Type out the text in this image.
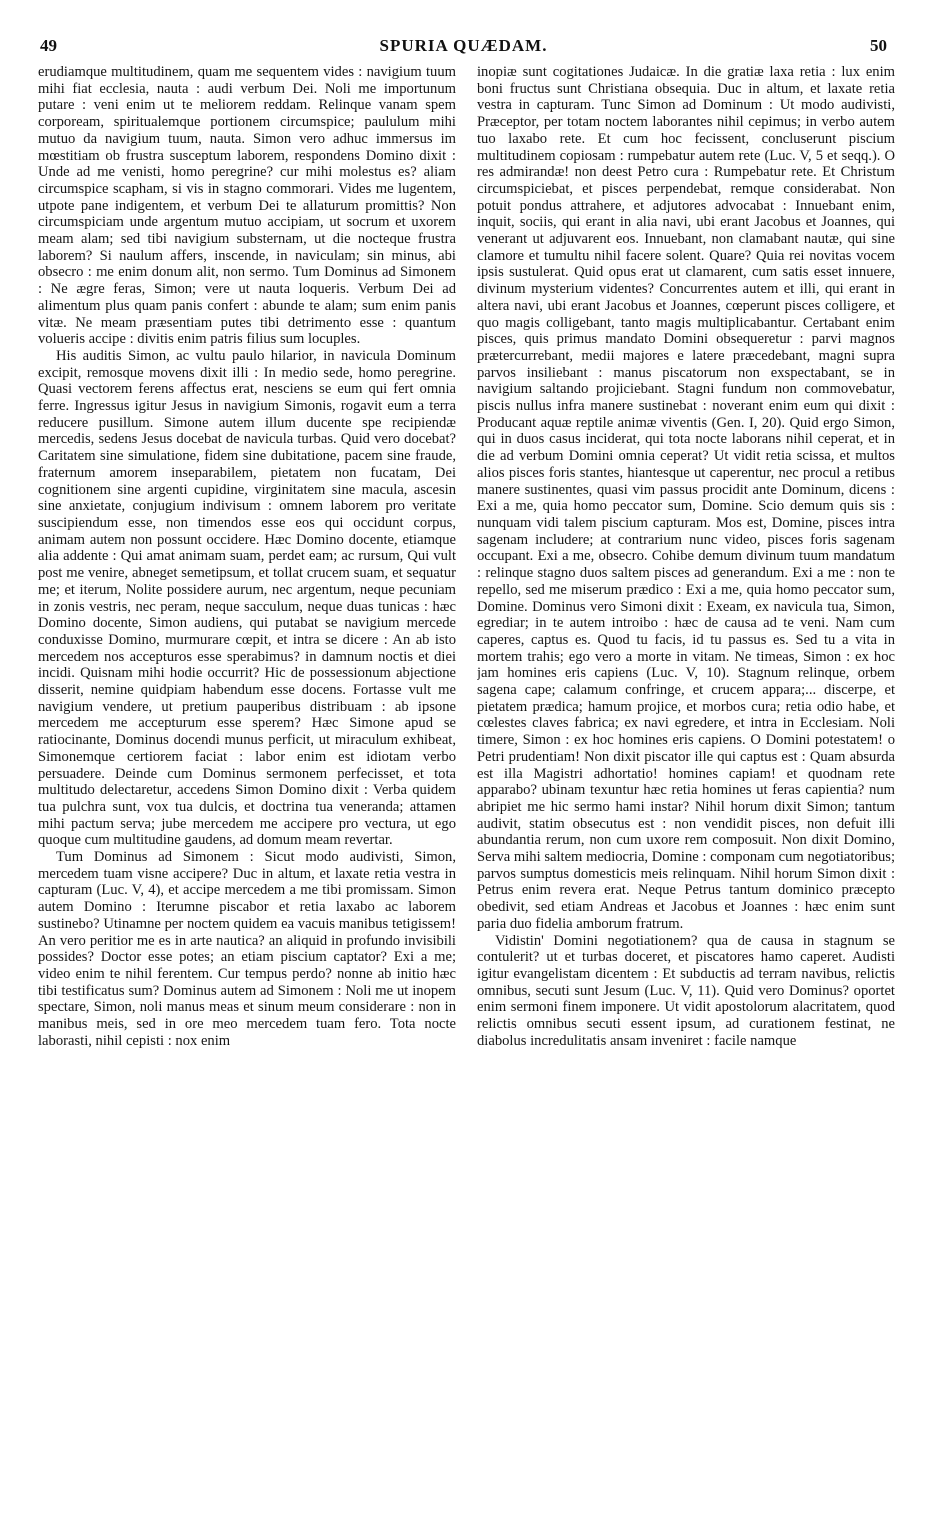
49	SPURIA QUÆDAM.	50

erudiamque multitudinem, quam me sequentem vides : navigium tuum mihi fiat ecclesia, nauta : audi verbum Dei. Noli me importunum putare : veni enim ut te meliorem reddam. Relinque vanam spem corpoream, spiritualemque portionem circumspice; paululum mihi mutuo da navigium tuum, nauta. Simon vero adhuc immersus im mœstitiam ob frustra susceptum laborem, respondens Domino dixit : Unde ad me venisti, homo peregrine? cur mihi molestus es? aliam circumspice scapham, si vis in stagno commorari. Vides me lugentem, utpote pane indigentem, et verbum Dei te allaturum promittis? Non circumspiciam unde argentum mutuo accipiam, ut socrum et uxorem meam alam; sed tibi navigium substernam, ut die nocteque frustra laborem? Si naulum affers, inscende, in naviculam; sin minus, abi obsecro : me enim donum alit, non sermo. Tum Dominus ad Simonem : Ne ægre feras, Simon; vere ut nauta loqueris. Verbum Dei ad alimentum plus quam panis confert : abunde te alam; sum enim panis vitæ. Ne meam præsentiam putes tibi detrimento esse : quantum volueris accipe : divitis enim patris filius sum locuples.

His auditis Simon, ac vultu paulo hilarior, in naviculа Dominum excipit, remosque movens dixit illi : In medio sede, homo peregrine. Quasi vectorem ferens affectus erat, nesciens se eum qui fert omnia ferre. Ingressus igitur Jesus in navigium Simonis, rogavit eum a terra reducere pusillum. Simone autem illum ducente spe recipiendæ mercedis, sedens Jesus docebat de navicula turbas. Quid vero docebat? Caritatem sine simulatione, fidem sine dubitatione, pacem sine fraude, fraternum amorem inseparabilem, pietatem non fucatam, Dei cognitionem sine argenti cupidine, virginitatem sine macula, ascesin sine anxietate, conjugium indivisum : omnem laborem pro veritate suscipiendum esse, non timendos esse eos qui occidunt corpus, animam autem non possunt occidere. Hæc Domino docente, etiamque alia addente : Qui amat animam suam, perdet eam; ac rursum, Qui vult post me venire, abneget semetipsum, et tollat crucem suam, et sequatur me; et iterum, Nolite possidere aurum, nec argentum, neque pecuniam in zonis vestris, nec peram, neque sacculum, neque duas tunicas : hæc Domino docente, Simon audiens, qui putabat se navigium mercede conduxisse Domino, murmurare cœpit, et intra se dicere : An ab isto mercedem nos accepturos esse sperabimus? in damnum noctis et diei incidi. Quisnam mihi hodie occurrit? Hic de possessionum abjectione disserit, nemine quidpiam habendum esse docens. Fortasse vult me navigium vendere, ut pretium pauperibus distribuam : ab ipsone mercedem me accepturum esse sperem? Hæc Simone apud se ratiocinante, Dominus docendi munus perficit, ut miraculum exhibeat, Simonemque certiorem faciat : labor enim est idiotam verbo persuadere. Deinde cum Dominus sermonem perfecisset, et tota multitudo delectaretur, accedens Simon Domino dixit : Verba quidem tua pulchra sunt, vox tua dulcis, et doctrina tua veneranda; attamen mihi pactum serva; jube mercedem me accipere pro vectura, ut ego quoque cum multitudine gaudens, ad domum meam revertar.

Tum Dominus ad Simonem : Sicut modo audivisti, Simon, mercedem tuam visne accipere? Duc in altum, et laxate retia vestra in capturam (Luc. V, 4), et accipe mercedem a me tibi promissam. Simon autem Domino : Iterumne piscabor et retia laxabo ac laborem sustinebo? Utinamne per noctem quidem ea vacuis manibus tetigissem! An vero peritior me es in arte nautica? an aliquid in profundo invisibili possides? Doctor esse potes; an etiam piscium captator? Exi a me; video enim te nihil ferentem. Cur tempus perdo? nonne ab initio hæc tibi testificatus sum? Dominus autem ad Simonem : Noli me ut inopem spectare, Simon, noli manus meas et sinum meum considerare : non in manibus meis, sed in ore meo mercedem tuam fero. Tota nocte laborasti, nihil cepisti : nox enim

inopiæ sunt cogitationes Judaicæ. In die gratiæ laxa retia : lux enim boni fructus sunt Christiana obsequia. Duc in altum, et laxate retia vestra in capturam. Tunc Simon ad Dominum : Ut modo audivisti, Præceptor, per totam noctem laborantes nihil cepimus; in verbo autem tuo laxabo rete. Et cum hoc fecissent, concluserunt piscium multitudinem copiosam : rumpebatur autem rete (Luc. V, 5 et seqq.). O res admirandæ! non deest Petro cura : Rumpebatur rete. Et Christum circumspiciebat, et pisces perpendebat, remque considerabat. Non potuit pondus attrahere, et adjutores advocabat : Innuebant enim, inquit, sociis, qui erant in alia navi, ubi erant Jacobus et Joannes, qui venerant ut adjuvarent eos. Innuebant, non clamabant nautæ, qui sine clamore et tumultu nihil facere solent. Quare? Quia rei novitas vocem ipsis sustulerat. Quid opus erat ut clamarent, cum satis esset innuere, divinum mysterium videntes? Concurrentes autem et illi, qui erant in altera navi, ubi erant Jacobus et Joannes, cœperunt pisces colligere, et quo magis colligebant, tanto magis multiplicabantur. Certabant enim pisces, quis primus mandato Domini obsequeretur : parvi magnos prætercurrebant, medii majores e latere præcedebant, magni supra parvos insiliebant : manus piscatorum non exspectabant, se in navigium saltando projiciebant. Stagni fundum non commovebatur, piscis nullus infra manere sustinebat : noverant enim eum qui dixit : Producant aquæ reptile animæ viventis (Gen. I, 20). Quid ergo Simon, qui in duos casus inciderat, qui tota nocte laborans nihil ceperat, et in die ad verbum Domini omnia ceperat? Ut vidit retia scissa, et multos alios pisces foris stantes, hiantesque ut caperentur, nec procul a retibus manere sustinentes, quasi vim passus procidit ante Dominum, dicens : Exi a me, quia homo peccator sum, Domine. Scio demum quis sis : nunquam vidi talem piscium capturam. Mos est, Domine, pisces intra sagenam includere; at contrarium nunc video, pisces foris sagenam occupant. Exi a me, obsecro. Cohibe demum divinum tuum mandatum : relinque stagno duos saltem pisces ad generandum. Exi a me : non te repello, sed me miserum prædico : Exi a me, quia homo peccator sum, Domine. Dominus vero Simoni dixit : Exeam, ex navicula tua, Simon, egrediar; in te autem introibo : hæc de causa ad te veni. Nam cum caperes, captus es. Quod tu facis, id tu passus es. Sed tu a vita in mortem trahis; ego vero a morte in vitam. Ne timeas, Simon : ex hoc jam homines eris capiens (Luc. V, 10). Stagnum relinque, orbem sagena cape; calamum confringe, et crucem appara;... discerpe, et pietatem prædica; hamum projice, et morbos cura; retia odio habe, et cœlestes claves fabrica; ex navi egredere, et intra in Ecclesiam. Noli timere, Simon : ex hoc homines eris capiens. O Domini potestatem! o Petri prudentiam! Non dixit piscator ille qui captus est : Quam absurda est illa Magistri adhortatio! homines capiam! et quodnam rete apparabo? ubinam texuntur hæc retia homines ut feras capientia? num abripiet me hic sermo hami instar? Nihil horum dixit Simon; tantum audivit, statim obsecutus est : non vendidit pisces, non defuit illi abundantia rerum, non cum uxore rem composuit. Non dixit Domino, Serva mihi saltem mediocria, Domine : componam cum negotiatoribus; parvos sumptus domesticis meis relinquam. Nihil horum Simon dixit : Petrus enim revera erat. Neque Petrus tantum dominico præcepto obedivit, sed etiam Andreas et Jacobus et Joannes : hæc enim sunt paria duo fidelia amborum fratrum.

Vidistin' Domini negotiationem? qua de causa in stagnum se contulerit? ut et turbas doceret, et piscatores hamo caperet. Audisti igitur evangelistam dicentem : Et subductis ad terram navibus, relictis omnibus, secuti sunt Jesum (Luc. V, 11). Quid vero Dominus? oportet enim sermoni finem imponere. Ut vidit apostolorum alacritatem, quod relictis omnibus secuti essent ipsum, ad curationem festinat, ne diabolus incredulitatis ansam inveniret : facile namque
